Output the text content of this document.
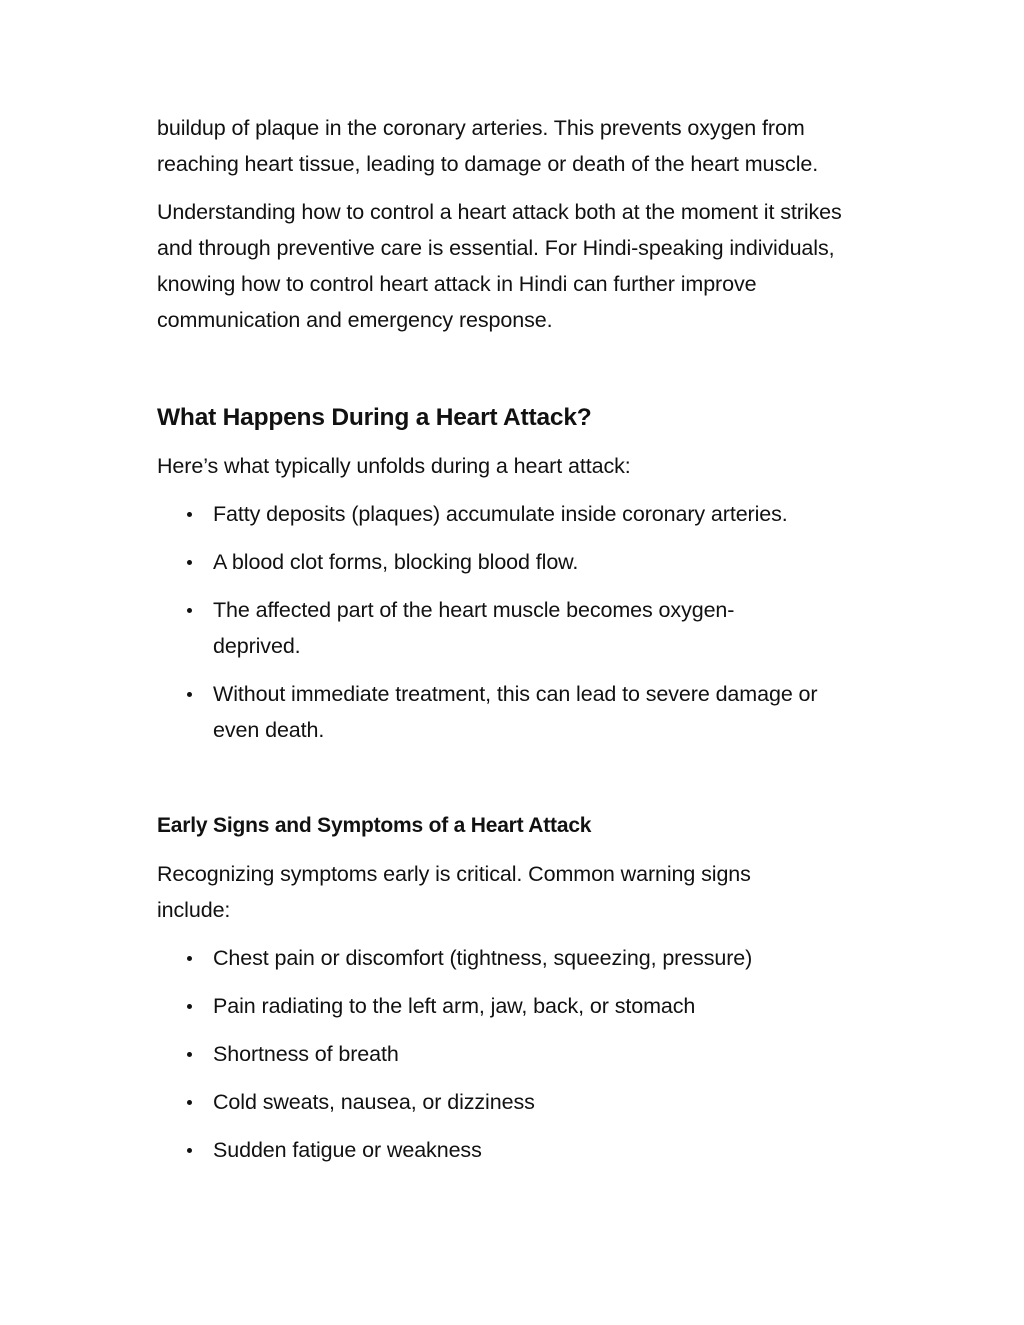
buildup of plaque in the coronary arteries. This prevents oxygen from reaching heart tissue, leading to damage or death of the heart muscle.

Understanding how to control a heart attack both at the moment it strikes and through preventive care is essential. For Hindi-speaking individuals, knowing how to control heart attack in Hindi can further improve communication and emergency response.

What Happens During a Heart Attack?

Here’s what typically unfolds during a heart attack:

Fatty deposits (plaques) accumulate inside coronary arteries.
A blood clot forms, blocking blood flow.
The affected part of the heart muscle becomes oxygen-deprived.
Without immediate treatment, this can lead to severe damage or even death.
Early Signs and Symptoms of a Heart Attack

Recognizing symptoms early is critical. Common warning signs include:

Chest pain or discomfort (tightness, squeezing, pressure)
Pain radiating to the left arm, jaw, back, or stomach
Shortness of breath
Cold sweats, nausea, or dizziness
Sudden fatigue or weakness
